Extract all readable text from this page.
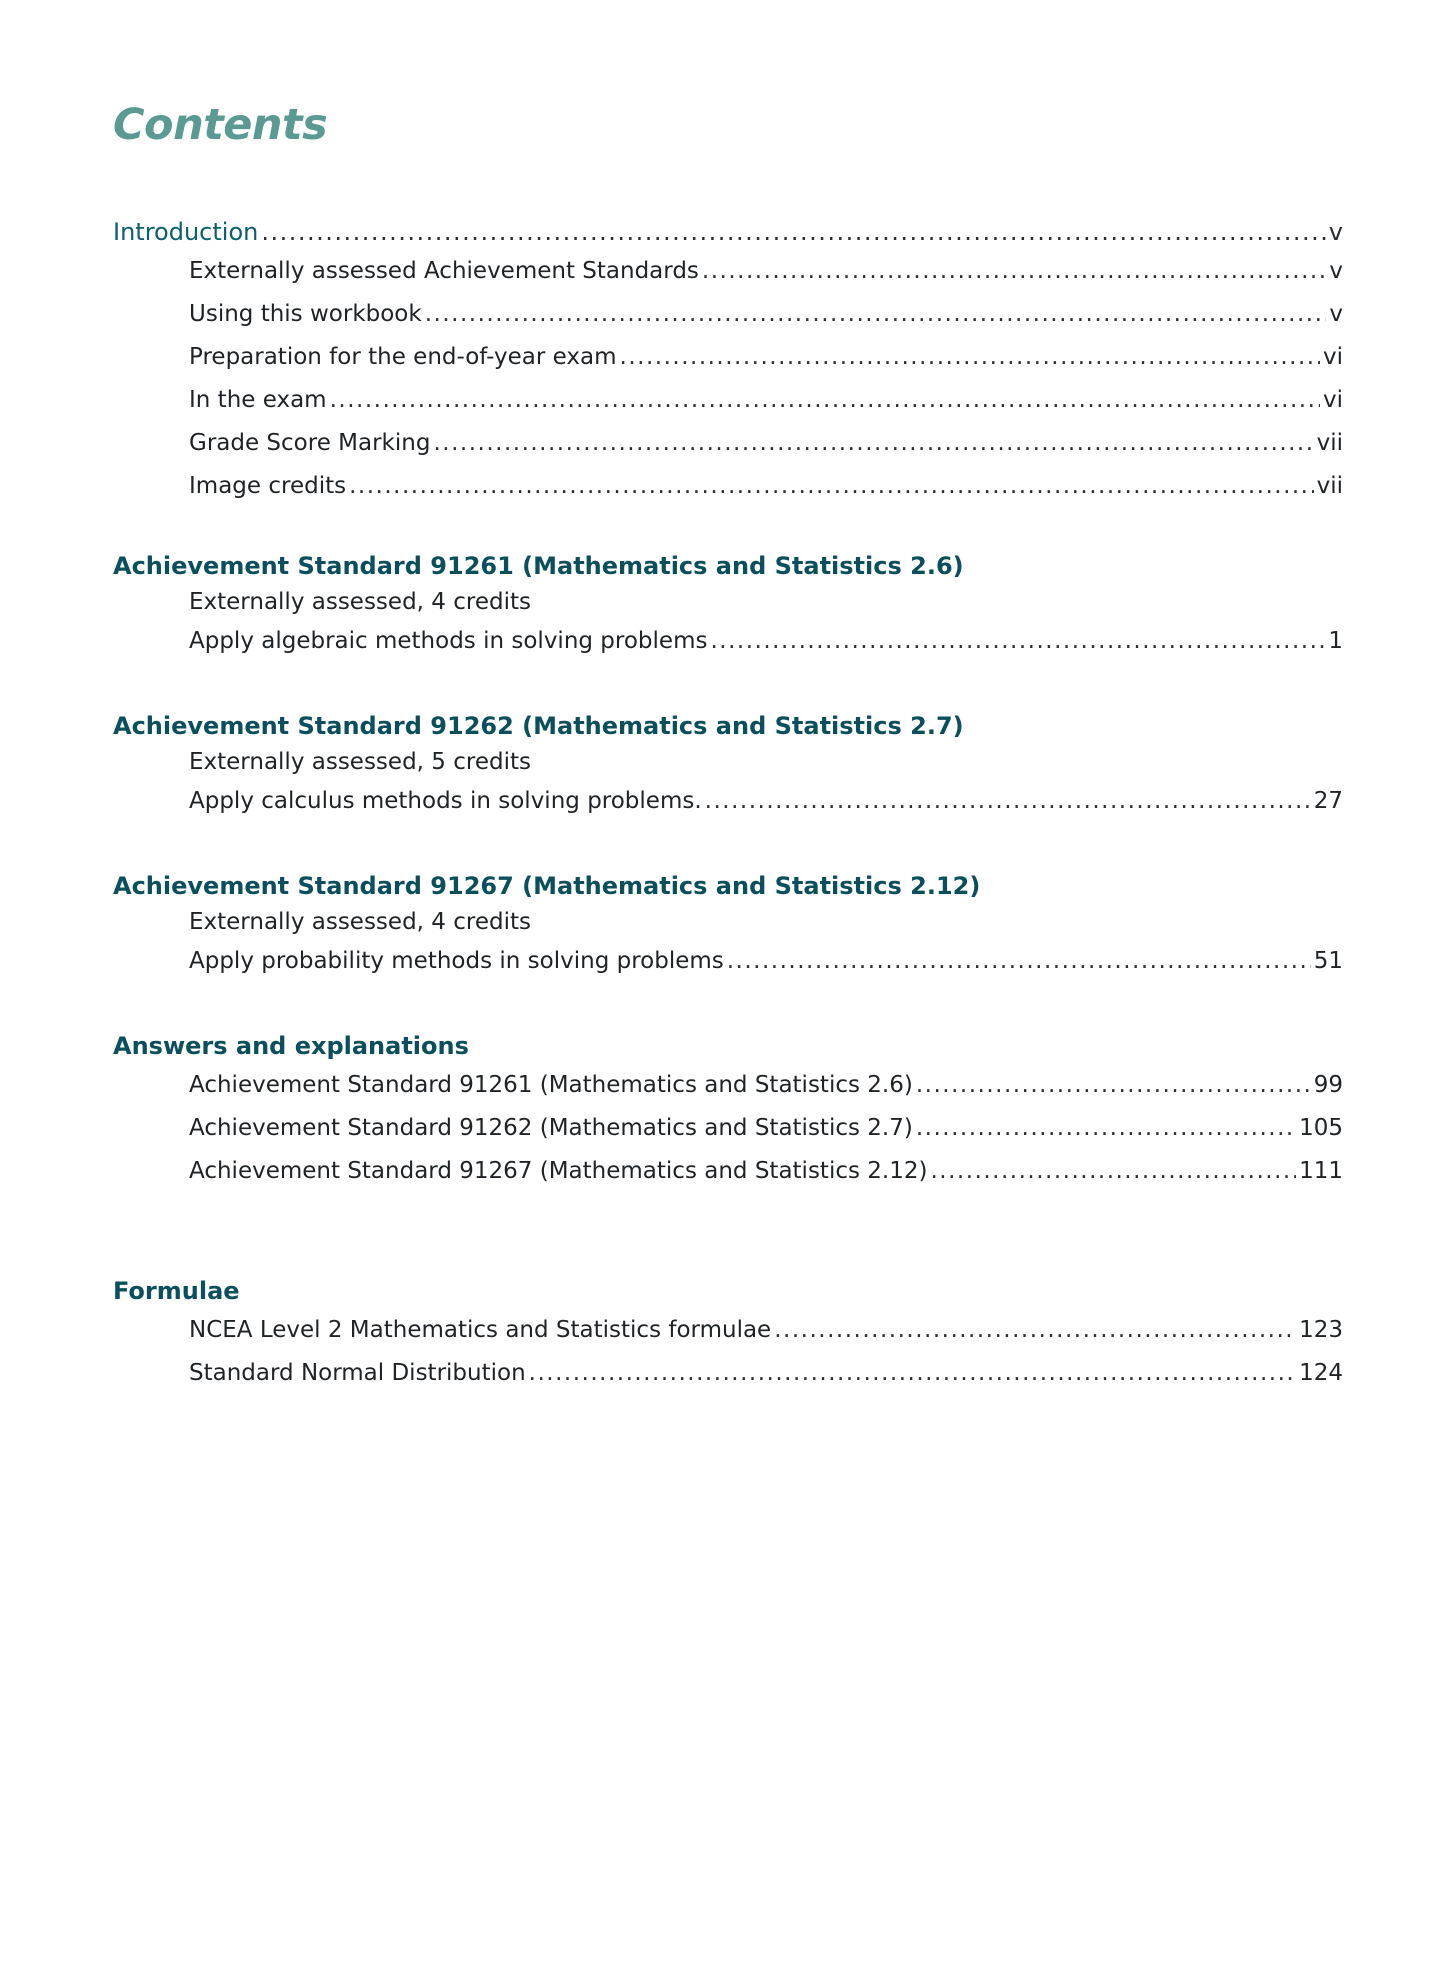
Contents
Introduction .....	v
Externally assessed Achievement Standards .....	v
Using this workbook .....	v
Preparation for the end-of-year exam .....	vi
In the exam .....	vi
Grade Score Marking .....	vii
Image credits .....	vii
Achievement Standard 91261 (Mathematics and Statistics 2.6)
Externally assessed, 4 credits
Apply algebraic methods in solving problems .....	1
Achievement Standard 91262 (Mathematics and Statistics 2.7)
Externally assessed, 5 credits
Apply calculus methods in solving problems. .....	27
Achievement Standard 91267 (Mathematics and Statistics 2.12)
Externally assessed, 4 credits
Apply probability methods in solving problems .....	51
Answers and explanations
Achievement Standard 91261 (Mathematics and Statistics 2.6) .....	99
Achievement Standard 91262 (Mathematics and Statistics 2.7) .....	105
Achievement Standard 91267 (Mathematics and Statistics 2.12) .....	111
Formulae
NCEA Level 2 Mathematics and Statistics formulae .....	123
Standard Normal Distribution .....	124
